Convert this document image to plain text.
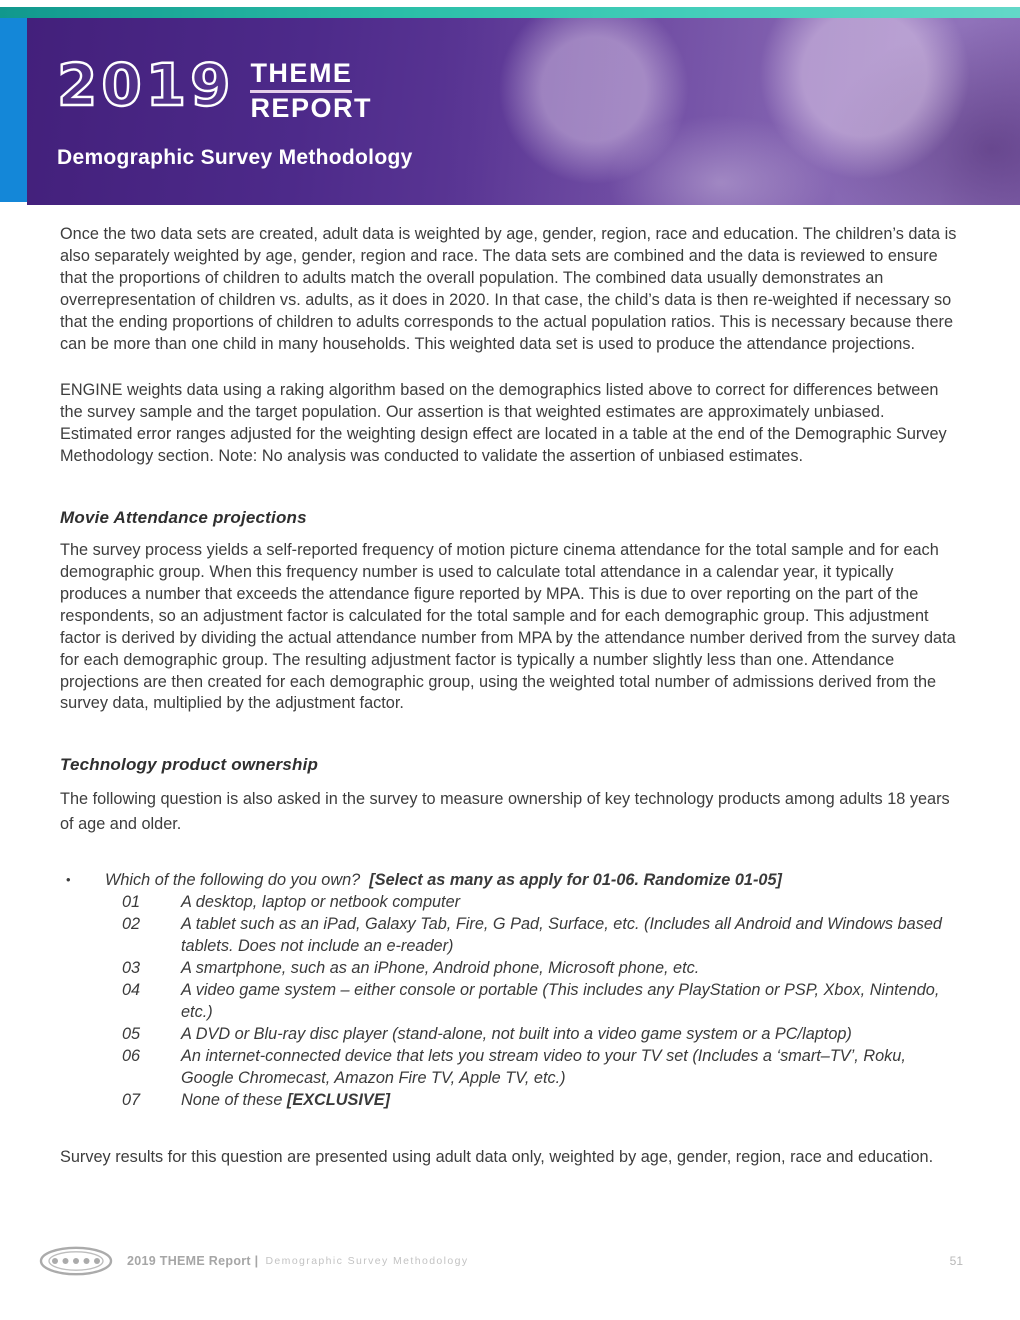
2019 THEME
REPORT
Demographic Survey Methodology

Once the two data sets are created, adult data is weighted by age, gender, region, race and education. The children’s data is also separately weighted by age, gender, region and race. The data sets are combined and the data is reviewed to ensure that the proportions of children to adults match the overall population. The combined data usually demonstrates an overrepresentation of children vs. adults, as it does in 2020. In that case, the child’s data is then re-weighted if necessary so that the ending proportions of children to adults corresponds to the actual population ratios. This is necessary because there can be more than one child in many households. This weighted data set is used to produce the attendance projections.

ENGINE weights data using a raking algorithm based on the demographics listed above to correct for differences between the survey sample and the target population. Our assertion is that weighted estimates are approximately unbiased. Estimated error ranges adjusted for the weighting design effect are located in a table at the end of the Demographic Survey Methodology section. Note: No analysis was conducted to validate the assertion of unbiased estimates.

Movie Attendance projections

The survey process yields a self-reported frequency of motion picture cinema attendance for the total sample and for each demographic group. When this frequency number is used to calculate total attendance in a calendar year, it typically produces a number that exceeds the attendance figure reported by MPA. This is due to over reporting on the part of the respondents, so an adjustment factor is calculated for the total sample and for each demographic group. This adjustment factor is derived by dividing the actual attendance number from MPA by the attendance number derived from the survey data for each demographic group. The resulting adjustment factor is typically a number slightly less than one. Attendance projections are then created for each demographic group, using the weighted total number of admissions derived from the survey data, multiplied by the adjustment factor.

Technology product ownership

The following question is also asked in the survey to measure ownership of key technology products among adults 18 years of age and older.

•	Which of the following do you own? [Select as many as apply for 01-06. Randomize 01-05]
01	A desktop, laptop or netbook computer
02	A tablet such as an iPad, Galaxy Tab, Fire, G Pad, Surface, etc. (Includes all Android and Windows based tablets. Does not include an e-reader)
03	A smartphone, such as an iPhone, Android phone, Microsoft phone, etc.
04	A video game system – either console or portable (This includes any PlayStation or PSP, Xbox, Nintendo, etc.)
05	A DVD or Blu-ray disc player (stand-alone, not built into a video game system or a PC/laptop)
06	An internet-connected device that lets you stream video to your TV set (Includes a ‘smart–TV’, Roku, Google Chromecast, Amazon Fire TV, Apple TV, etc.)
07	None of these [EXCLUSIVE]

Survey results for this question are presented using adult data only, weighted by age, gender, region, race and education.

2019 THEME Report | Demographic Survey Methodology	51
